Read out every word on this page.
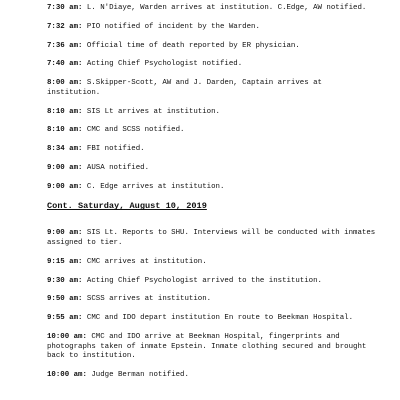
7:30 am: L. N'Diaye, Warden arrives at institution. C.Edge, AW notified.
7:32 am: PIO notified of incident by the Warden.
7:36 am: Official time of death reported by ER physician.
7:40 am: Acting Chief Psychologist notified.
8:00 am: S.Skipper-Scott, AW and J. Darden, Captain arrives at institution.
8:10 am: SIS Lt arrives at institution.
8:10 am: CMC and SCSS notified.
8:34 am: FBI notified.
9:00 am: AUSA notified.
9:00 am: C. Edge arrives at institution.
Cont. Saturday, August 10, 2019
9:00 am: SIS Lt. Reports to SHU. Interviews will be conducted with inmates assigned to tier.
9:15 am: CMC arrives at institution.
9:30 am: Acting Chief Psychologist arrived to the institution.
9:50 am: SCSS arrives at institution.
9:55 am: CMC and IDO depart institution En route to Beekman Hospital.
10:00 am: CMC and IDO arrive at Beekman Hospital, fingerprints and photographs taken of inmate Epstein. Inmate clothing secured and brought back to institution.
10:00 am: Judge Berman notified.
